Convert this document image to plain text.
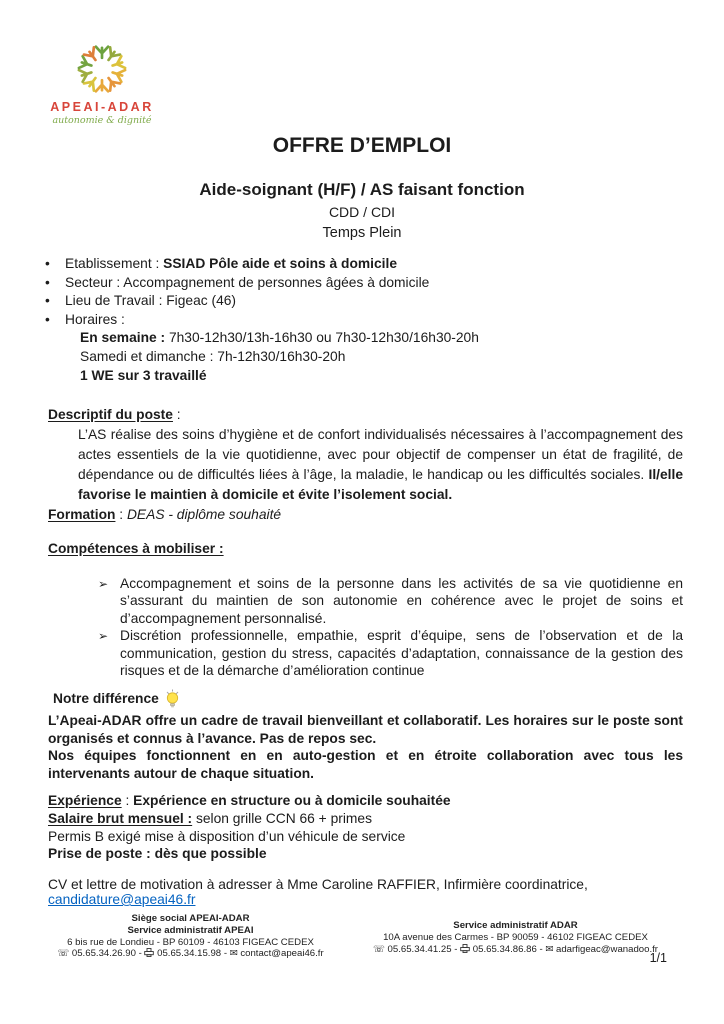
APEAI-ADAR
autonomie & dignité
OFFRE D’EMPLOI
Aide-soignant (H/F) / AS faisant fonction
CDD / CDI
Temps Plein
•	Etablissement : SSIAD Pôle aide et soins à domicile
•	Secteur : Accompagnement de personnes âgées à domicile
•	Lieu de Travail : Figeac (46)
•	Horaires :
En semaine : 7h30-12h30/13h-16h30 ou 7h30-12h30/16h30-20h
Samedi et dimanche : 7h-12h30/16h30-20h
1 WE sur 3 travaillé
Descriptif du poste :
L’AS réalise des soins d’hygiène et de confort individualisés nécessaires à l’accompagnement des actes essentiels de la vie quotidienne, avec pour objectif de compenser un état de fragilité, de dépendance ou de difficultés liées à l’âge, la maladie, le handicap ou les difficultés sociales. Il/elle favorise le maintien à domicile et évite l’isolement social.
Formation : DEAS - diplôme souhaité
Compétences à mobiliser :
➢ Accompagnement et soins de la personne dans les activités de sa vie quotidienne en s’assurant du maintien de son autonomie en cohérence avec le projet de soins et d’accompagnement personnalisé.
➢ Discrétion professionnelle, empathie, esprit d’équipe, sens de l’observation et de la communication, gestion du stress, capacités d’adaptation, connaissance de la gestion des risques et de la démarche d’amélioration continue
Notre différence

L’Apeai-ADAR offre un cadre de travail bienveillant et collaboratif. Les horaires sur le poste sont organisés et connus à l’avance. Pas de repos sec.

Nos équipes fonctionnent en en auto-gestion et en étroite collaboration avec tous les intervenants autour de chaque situation.

Expérience : Expérience en structure ou à domicile souhaitée
Salaire brut mensuel : selon grille CCN 66 + primes
Permis B exigé mise à disposition d’un véhicule de service
Prise de poste : dès que possible
CV et lettre de motivation à adresser à Mme Caroline RAFFIER, Infirmière coordinatrice, candidature@apeai46.fr
Siège social APEAI-ADAR
Service administratif APEAI
6 bis rue de Londieu - BP 60109 - 46103 FIGEAC CEDEX
☏ 05.65.34.26.90 -  05.65.34.15.98 - ✉ contact@apeai46.fr
Service administratif ADAR
10A avenue des Carmes - BP 90059 - 46102 FIGEAC CEDEX
☏ 05.65.34.41.25 -  05.65.34.86.86 - ✉ adarfigeac@wanadoo.fr
1/1
